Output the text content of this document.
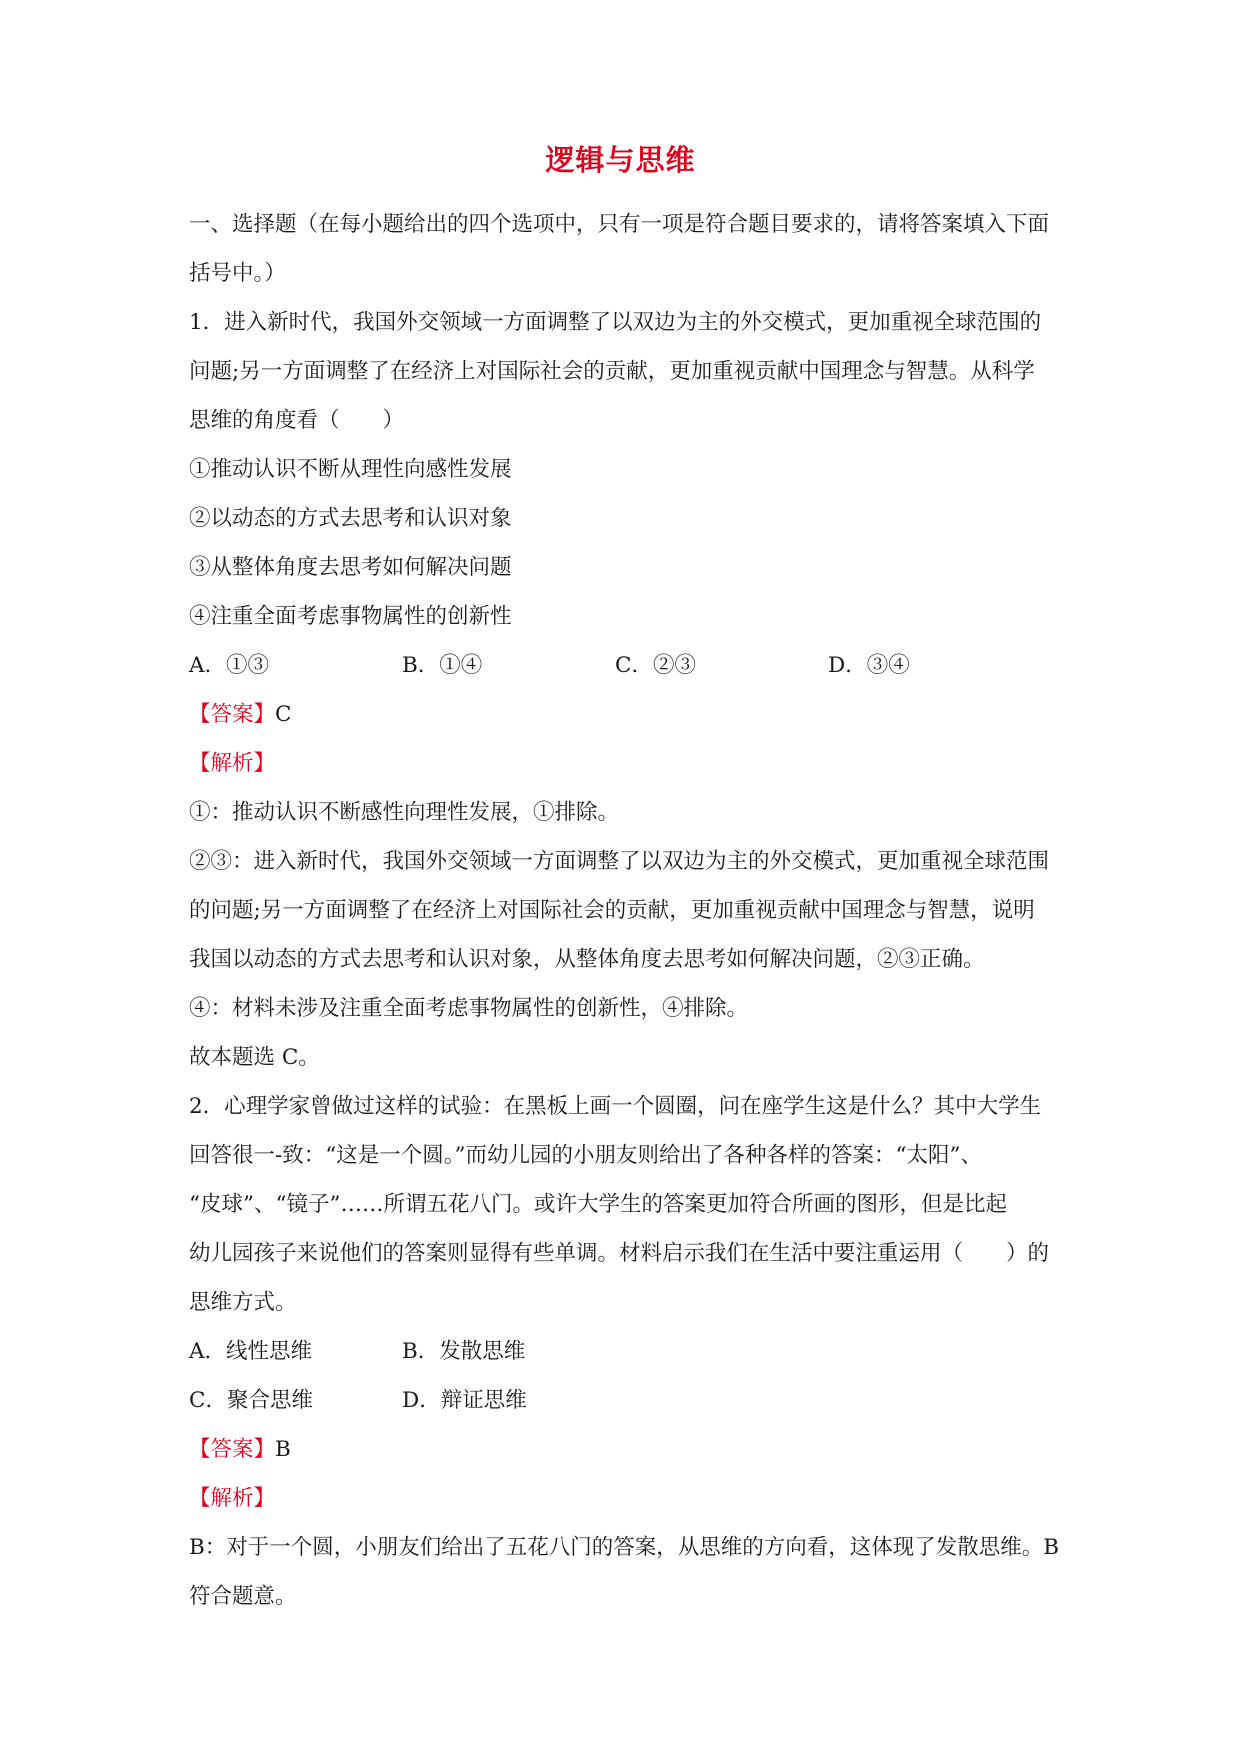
逻辑与思维
一、选择题（在每小题给出的四个选项中，只有一项是符合题目要求的，请将答案填入下面
括号中。）
1．进入新时代，我国外交领域一方面调整了以双边为主的外交模式，更加重视全球范围的
问题;另一方面调整了在经济上对国际社会的贡献，更加重视贡献中国理念与智慧。从科学
思维的角度看（　　）
①推动认识不断从理性向感性发展
②以动态的方式去思考和认识对象
③从整体角度去思考如何解决问题
④注重全面考虑事物属性的创新性
A．①③	B．①④	C．②③	D．③④
【答案】C
【解析】
①：推动认识不断感性向理性发展，①排除。
②③：进入新时代，我国外交领域一方面调整了以双边为主的外交模式，更加重视全球范围
的问题;另一方面调整了在经济上对国际社会的贡献，更加重视贡献中国理念与智慧，说明
我国以动态的方式去思考和认识对象，从整体角度去思考如何解决问题，②③正确。
④：材料未涉及注重全面考虑事物属性的创新性，④排除。
故本题选 C。
2．心理学家曾做过这样的试验：在黑板上画一个圆圈，问在座学生这是什么？其中大学生
回答很一-致：“这是一个圆。”而幼儿园的小朋友则给出了各种各样的答案：“太阳”、
“皮球”、“镜子”……所谓五花八门。或许大学生的答案更加符合所画的图形，但是比起
幼儿园孩子来说他们的答案则显得有些单调。材料启示我们在生活中要注重运用（　　）的
思维方式。
A．线性思维	B．发散思维
C．聚合思维	D．辩证思维
【答案】B
【解析】
B：对于一个圆，小朋友们给出了五花八门的答案，从思维的方向看，这体现了发散思维。B
符合题意。
